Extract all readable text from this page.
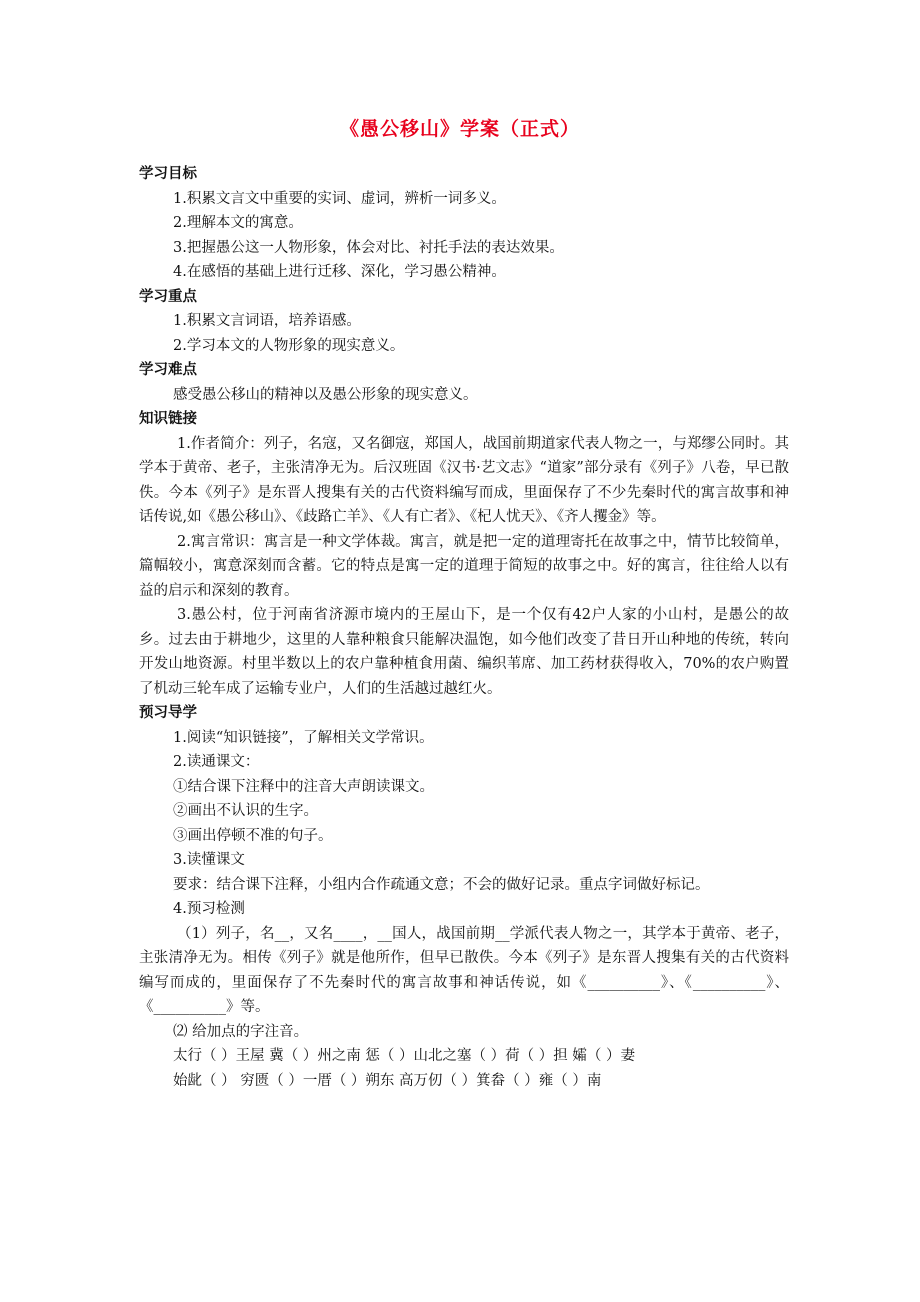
《愚公移山》学案（正式）
学习目标
1.积累文言文中重要的实词、虚词，辨析一词多义。
2.理解本文的寓意。
3.把握愚公这一人物形象，体会对比、衬托手法的表达效果。
4.在感悟的基础上进行迁移、深化，学习愚公精神。
学习重点
1.积累文言词语，培养语感。
2.学习本文的人物形象的现实意义。
学习难点
感受愚公移山的精神以及愚公形象的现实意义。
知识链接
1.作者简介：列子，名寇，又名御寇，郑国人，战国前期道家代表人物之一，与郑缪公同时。其学本于黄帝、老子，主张清净无为。后汉班固《汉书·艺文志》“道家”部分录有《列子》八卷，早已散佚。今本《列子》是东晋人搜集有关的古代资料编写而成，里面保存了不少先秦时代的寓言故事和神话传说,如《愚公移山》、《歧路亡羊》、《人有亡者》、《杞人忧天》、《齐人攫金》等。
2.寓言常识：寓言是一种文学体裁。寓言，就是把一定的道理寄托在故事之中，情节比较简单，篇幅较小，寓意深刻而含蓄。它的特点是寓一定的道理于简短的故事之中。好的寓言，往往给人以有益的启示和深刻的教育。
3.愚公村，位于河南省济源市境内的王屋山下，是一个仅有42户人家的小山村，是愚公的故乡。过去由于耕地少，这里的人靠种粮食只能解决温饱，如今他们改变了昔日开山种地的传统，转向开发山地资源。村里半数以上的农户靠种植食用菌、编织苇席、加工药材获得收入，70%的农户购置了机动三轮车成了运输专业户，人们的生活越过越红火。
预习导学
1.阅读“知识链接”，了解相关文学常识。
2.读通课文：
①结合课下注释中的注音大声朗读课文。
②画出不认识的生字。
③画出停顿不准的句子。
3.读懂课文
要求：结合课下注释，小组内合作疏通文意；不会的做好记录。重点字词做好标记。
4.预习检测
（1）列子，名__，又名____，__国人，战国前期__学派代表人物之一，其学本于黄帝、老子，主张清净无为。相传《列子》就是他所作，但早已散佚。今本《列子》是东晋人搜集有关的古代资料编写而成的，里面保存了不先秦时代的寓言故事和神话传说，如《__________》、《__________》、《__________》等。
⑵ 给加点的字注音。
太行（ ）王屋 冀（ ）州之南 惩（ ）山北之塞（ ）荷（ ）担 孀（ ）妻
始龀（ ） 穷匮（ ）一厝（ ）朔东 高万仞（ ）箕畚（ ）雍（ ）南
